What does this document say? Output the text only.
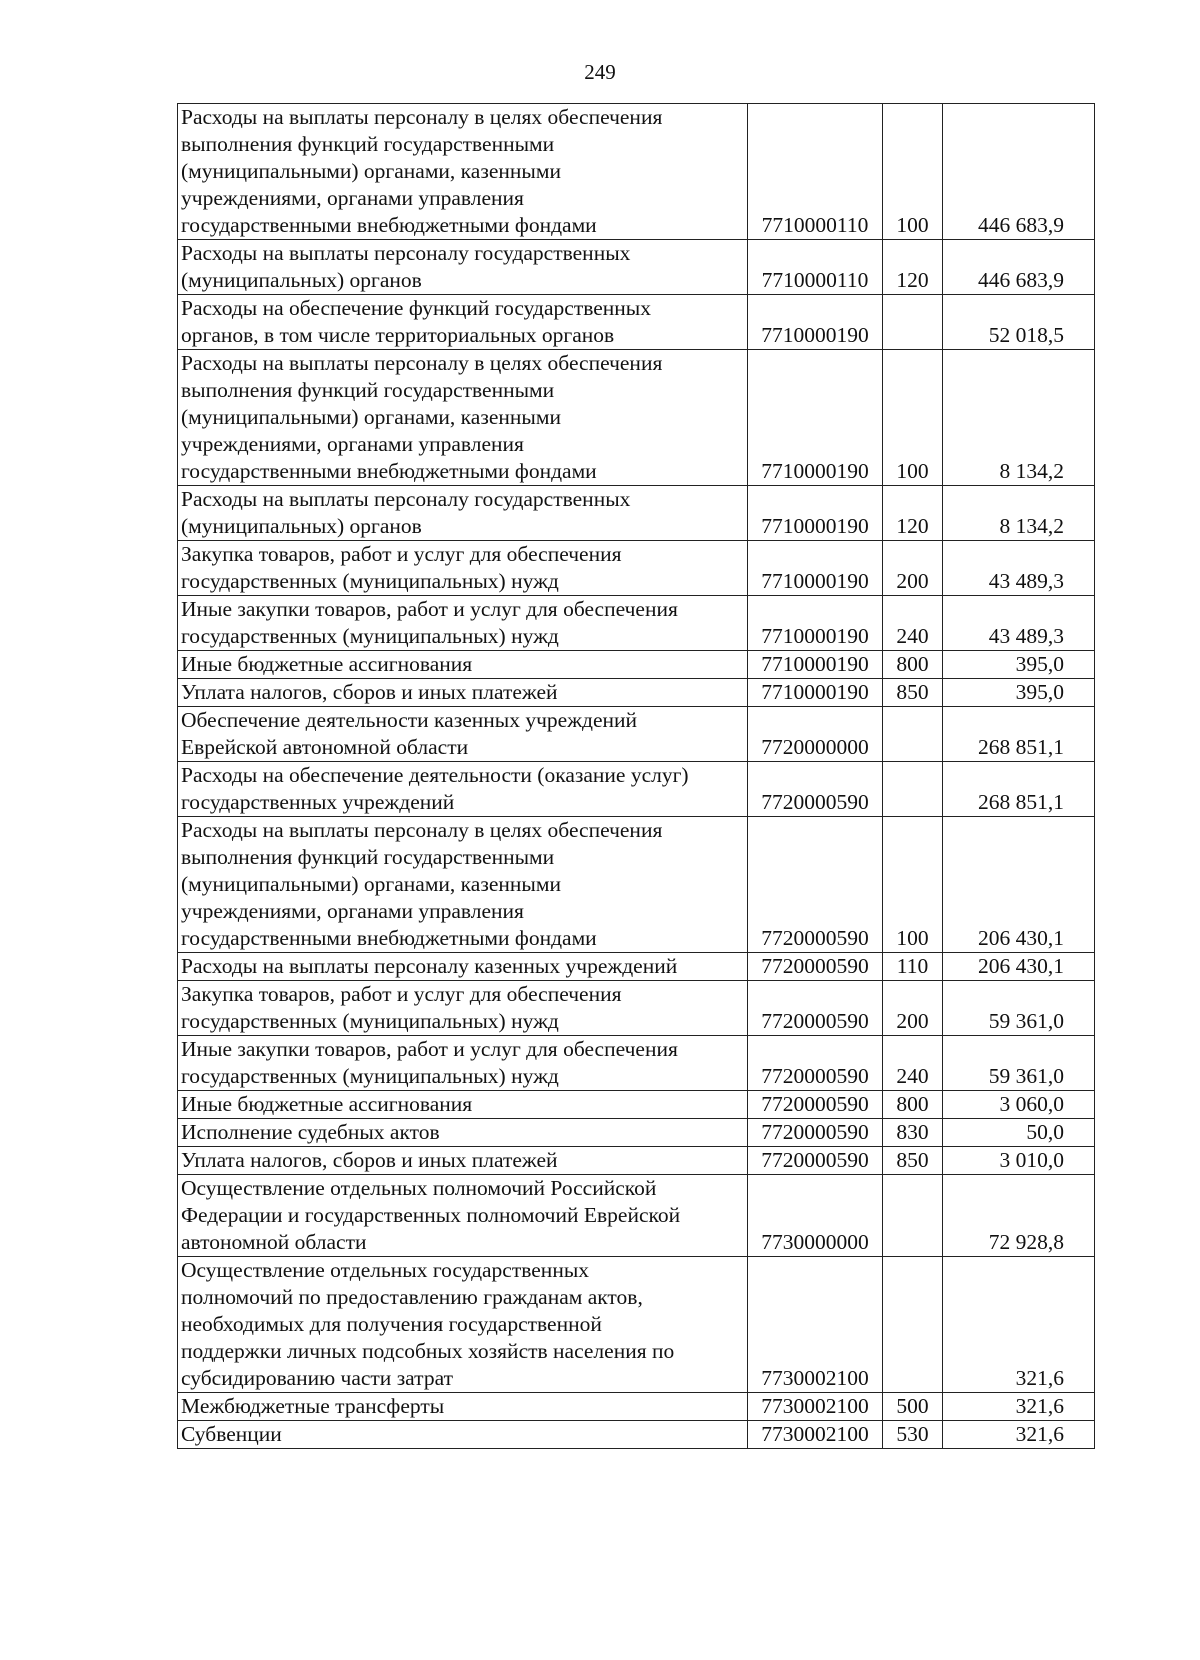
249
Расходы на выплаты персоналу в целях обеспечения
выполнения функций государственными
(муниципальными) органами, казенными
учреждениями, органами управления
государственными внебюджетными фондами	7710000110	100	446 683,9

Расходы на выплаты персоналу государственных
(муниципальных) органов	7710000110	120	446 683,9

Расходы на обеспечение функций государственных
органов, в том числе территориальных органов	7710000190		52 018,5

Расходы на выплаты персоналу в целях обеспечения
выполнения функций государственными
(муниципальными) органами, казенными
учреждениями, органами управления
государственными внебюджетными фондами	7710000190	100	8 134,2

Расходы на выплаты персоналу государственных
(муниципальных) органов	7710000190	120	8 134,2

Закупка товаров, работ и услуг для обеспечения
государственных (муниципальных) нужд	7710000190	200	43 489,3

Иные закупки товаров, работ и услуг для обеспечения
государственных (муниципальных) нужд	7710000190	240	43 489,3

Иные бюджетные ассигнования	7710000190	800	395,0

Уплата налогов, сборов и иных платежей	7710000190	850	395,0

Обеспечение деятельности казенных учреждений
Еврейской автономной области	7720000000		268 851,1

Расходы на обеспечение деятельности (оказание услуг)
государственных учреждений	7720000590		268 851,1

Расходы на выплаты персоналу в целях обеспечения
выполнения функций государственными
(муниципальными) органами, казенными
учреждениями, органами управления
государственными внебюджетными фондами	7720000590	100	206 430,1

Расходы на выплаты персоналу казенных учреждений	7720000590	110	206 430,1

Закупка товаров, работ и услуг для обеспечения
государственных (муниципальных) нужд	7720000590	200	59 361,0

Иные закупки товаров, работ и услуг для обеспечения
государственных (муниципальных) нужд	7720000590	240	59 361,0

Иные бюджетные ассигнования	7720000590	800	3 060,0

Исполнение судебных актов	7720000590	830	50,0

Уплата налогов, сборов и иных платежей	7720000590	850	3 010,0

Осуществление отдельных полномочий Российской
Федерации и государственных полномочий Еврейской
автономной области	7730000000		72 928,8

Осуществление отдельных государственных
полномочий по предоставлению гражданам актов,
необходимых для получения государственной
поддержки личных подсобных хозяйств населения по
субсидированию части затрат	7730002100		321,6

Межбюджетные трансферты	7730002100	500	321,6

Субвенции	7730002100	530	321,6
